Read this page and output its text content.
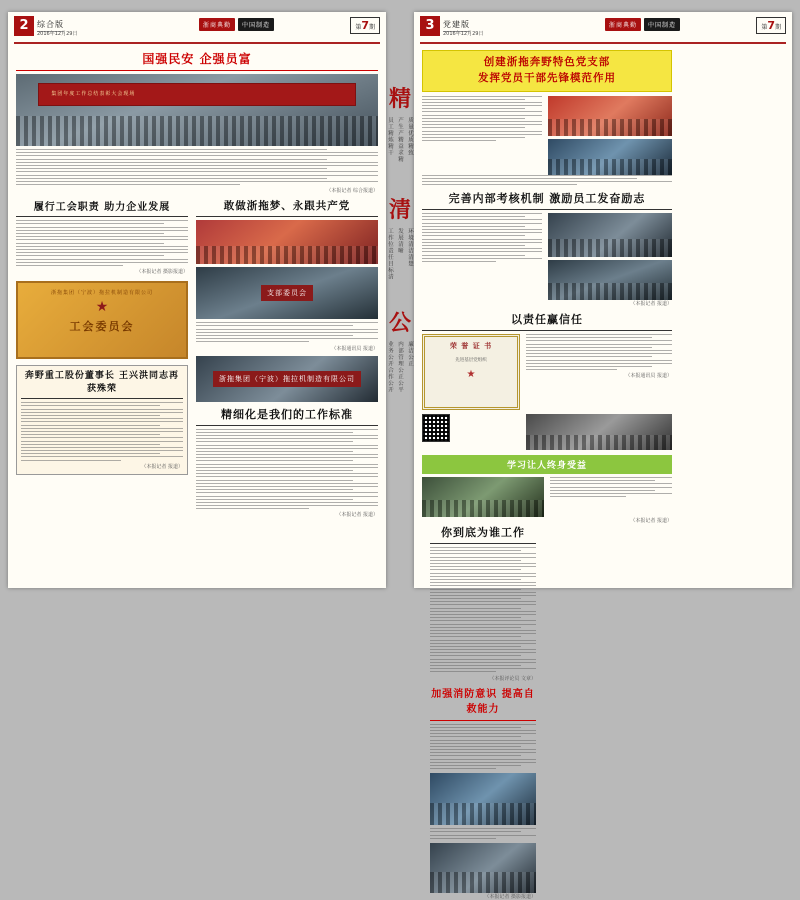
2	综合版
2016年12月29日
浙商典勤	中国制造	第7期
国强民安 企强员富
集团年度工作总结表彰大会现场
（本报记者 综合报道）
履行工会职责 助力企业发展
（本报记者 摄影报道）
浙拖集团（宁波）拖拉机制造有限公司
★
工会委员会
奔野重工股份董事长 王兴洪同志再获殊荣
（本报记者 报道）
敢做浙拖梦、永跟共产党
支部委员会
（本报通讯员 报道）
浙拖集团（宁波）拖拉机制造有限公司
精细化是我们的工作标准
（本报记者 报道）
精
员工精炼精干 产生产精益求精 质量优质精致
清
工作位责任目标清 发展清晰 环境清洁清楚
公
业务公开合作公开 内部管理公正公平 廉洁公正
3	党建版
2016年12月29日
浙商典勤	中国制造	第7期
创建浙拖奔野特色党支部
发挥党员干部先锋模范作用
完善内部考核机制 激励员工发奋励志
（本报记者 报道）
以责任赢信任
荣 誉 证 书
先进基层党组织
★	（本报通讯员 报道）
学习让人终身受益
（本报记者 报道）
你到底为谁工作
（本报评论员 文章）
加强消防意识 提高自救能力
（本报记者 摄影报道）
